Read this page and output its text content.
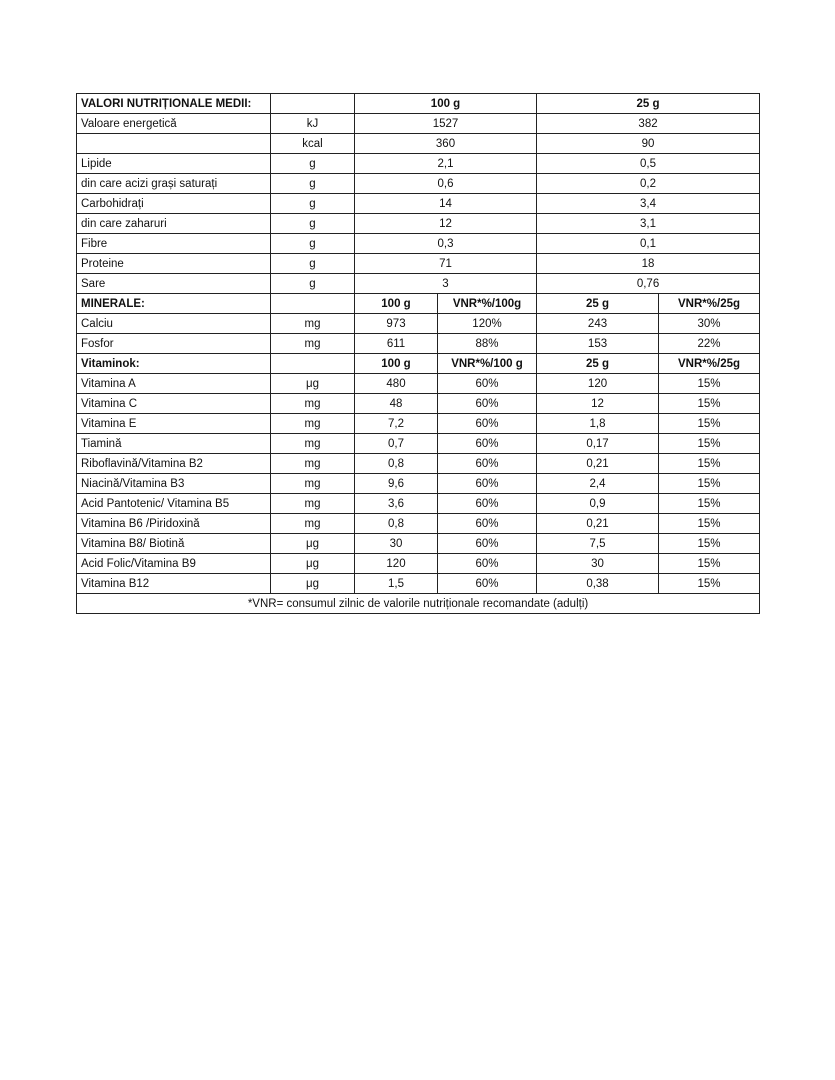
VALORI NUTRIȚIONALE MEDII:		100 g		25 g	
Valoare energetică	kJ	1527		382	
	kcal	360		90	
Lipide	g	2,1		0,5	
din care acizi grași saturați	g	0,6		0,2	
Carbohidrați	g	14		3,4	
din care zaharuri	g	12		3,1	
Fibre	g	0,3		0,1	
Proteine	g	71		18	
Sare	g	3		0,76	
MINERALE:		100 g	VNR*%/100g	25 g	VNR*%/25g
Calciu	mg	973	120%	243	30%
Fosfor	mg	611	88%	153	22%
Vitaminok:		100 g	VNR*%/100 g	25 g	VNR*%/25g
Vitamina A	μg	480	60%	120	15%
Vitamina C	mg	48	60%	12	15%
Vitamina E	mg	7,2	60%	1,8	15%
Tiamină	mg	0,7	60%	0,17	15%
Riboflavină/Vitamina B2	mg	0,8	60%	0,21	15%
Niacină/Vitamina B3	mg	9,6	60%	2,4	15%
Acid Pantotenic/ Vitamina B5	mg	3,6	60%	0,9	15%
Vitamina B6 /Piridoxină	mg	0,8	60%	0,21	15%
Vitamina B8/ Biotină	μg	30	60%	7,5	15%
Acid Folic/Vitamina B9	μg	120	60%	30	15%
Vitamina B12	μg	1,5	60%	0,38	15%
*VNR= consumul zilnic de valorile nutriționale recomandate (adulți)					
